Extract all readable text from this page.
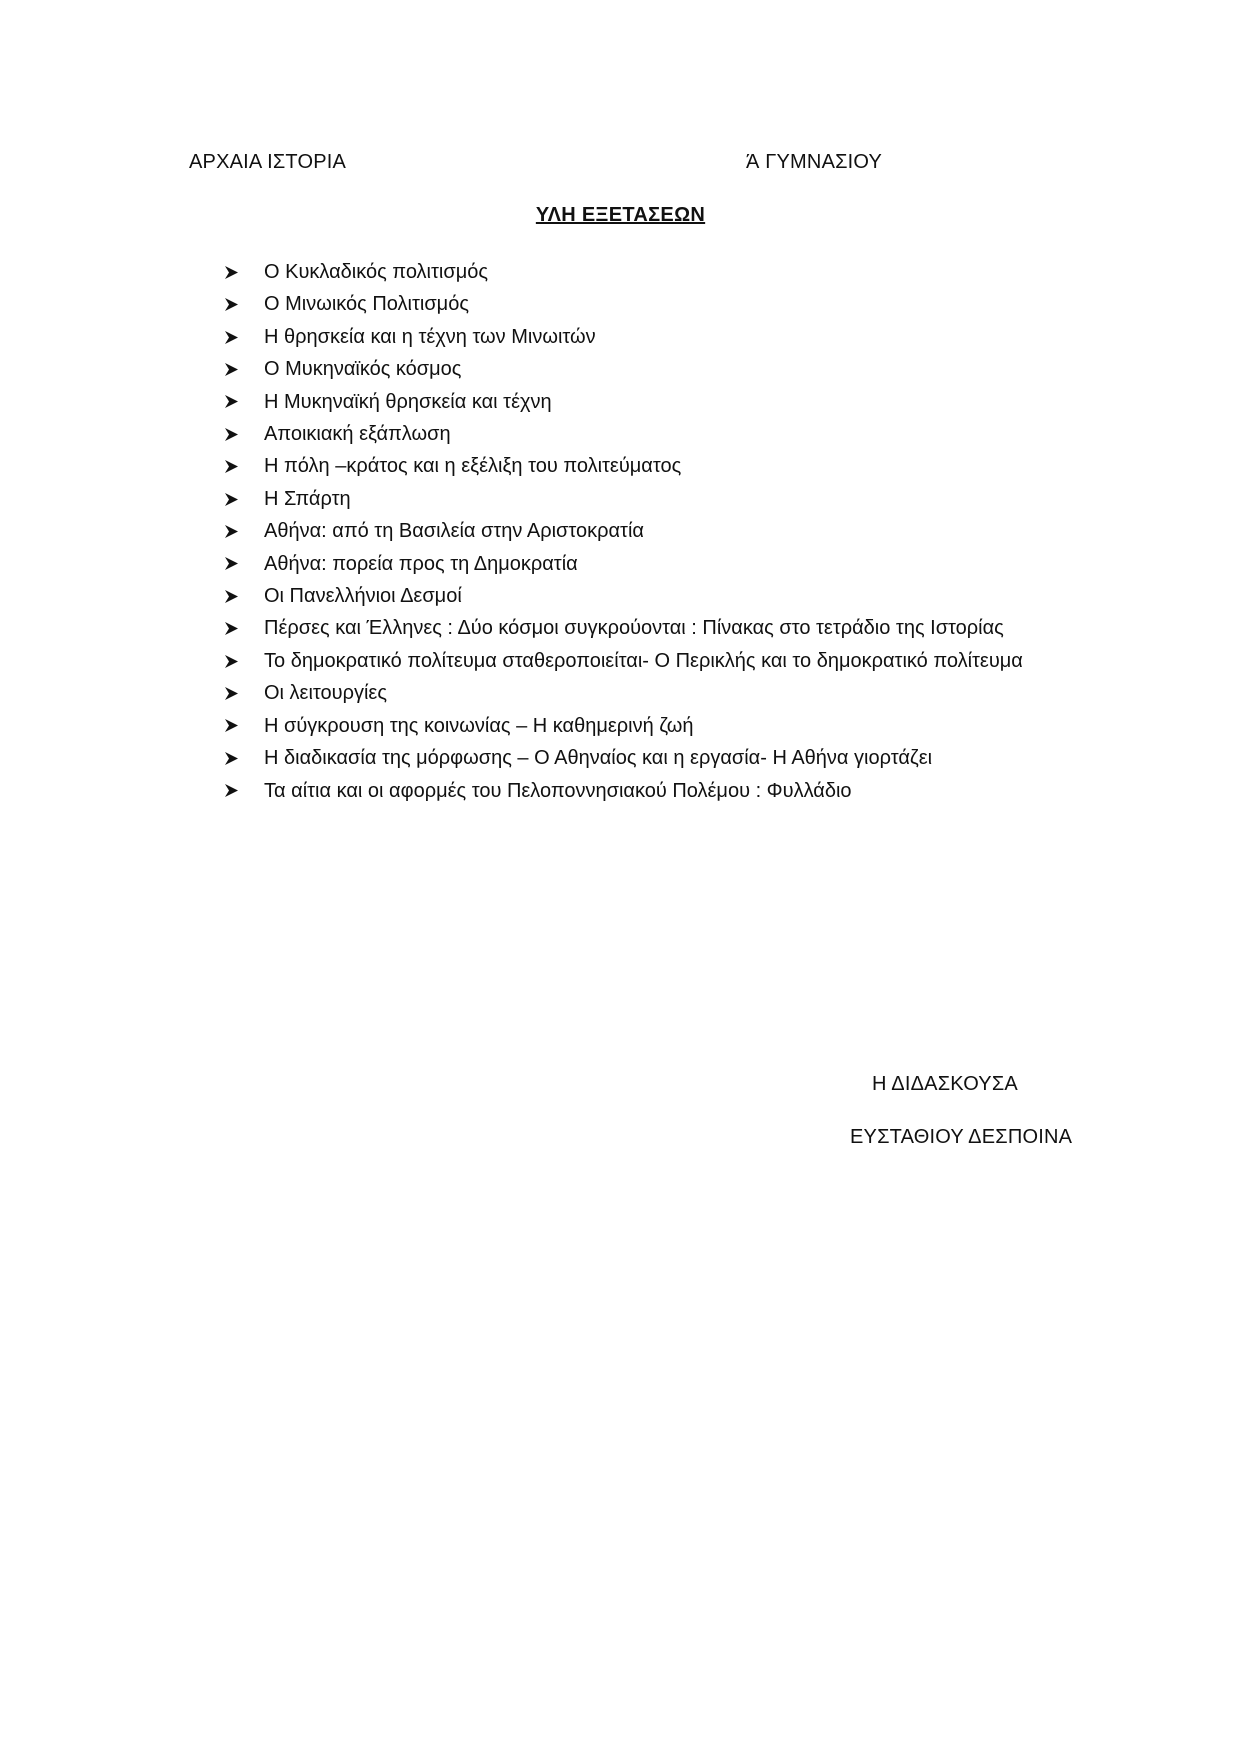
ΑΡΧΑΙΑ ΙΣΤΟΡΙΑ	Ά ΓΥΜΝΑΣΙΟΥ
ΥΛΗ ΕΞΕΤΑΣΕΩΝ
Ο Κυκλαδικός πολιτισμός
Ο Μινωικός Πολιτισμός
Η θρησκεία και η τέχνη των Μινωιτών
Ο Μυκηναϊκός κόσμος
Η Μυκηναϊκή θρησκεία και τέχνη
Αποικιακή εξάπλωση
Η πόλη –κράτος και η εξέλιξη του πολιτεύματος
Η Σπάρτη
Αθήνα: από τη Βασιλεία στην Αριστοκρατία
Αθήνα: πορεία προς τη Δημοκρατία
Οι Πανελλήνιοι Δεσμοί
Πέρσες και Έλληνες : Δύο κόσμοι συγκρούονται : Πίνακας στο τετράδιο της Ιστορίας
Το δημοκρατικό πολίτευμα σταθεροποιείται- Ο Περικλής και το δημοκρατικό πολίτευμα
Οι λειτουργίες
Η σύγκρουση της κοινωνίας – Η καθημερινή ζωή
Η διαδικασία της μόρφωσης – Ο Αθηναίος και η εργασία- Η Αθήνα γιορτάζει
Τα αίτια και οι αφορμές του Πελοποννησιακού Πολέμου : Φυλλάδιο
Η ΔΙΔΑΣΚΟΥΣΑ
ΕΥΣΤΑΘΙΟΥ ΔΕΣΠΟΙΝΑ
